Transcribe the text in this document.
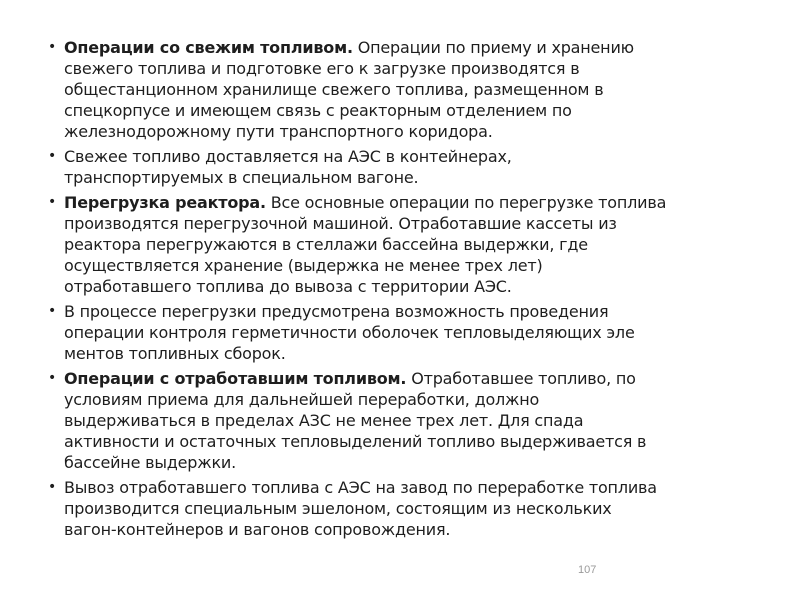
• Операции со свежим топливом. Операции по приему и хранению
свежего топлива и подготовке его к загрузке производятся в
общестанционном хранилище свежего топлива, размещенном в
спецкорпусе и имеющем связь с реакторным отделением по
железнодорожному пути транспортного коридора.
• Свежее топливо доставляется на АЭС в контейнерах,
транспортируемых в специальном вагоне.
• Перегрузка реактора. Все основные операции по перегрузке топлива
производятся перегрузочной машиной. Отработавшие кассеты из
реактора перегружаются в стеллажи бассейна выдержки, где
осуществляется хранение (выдержка не менее трех лет)
отработавшего топлива до вывоза с территории АЭС.
• В процессе перегрузки предусмотрена возможность проведения
операции контроля герметичности оболочек тепловыделяющих эле
ментов топливных сборок.
• Операции с отработавшим топливом. Отработавшее топливо, по
условиям приема для дальнейшей переработки, должно
выдерживаться в пределах АЗС не менее трех лет. Для спада
активности и остаточных тепловыделений топливо выдерживается в
бассейне выдержки.
• Вывоз отработавшего топлива с АЭС на завод по переработке топлива
производится специальным эшелоном, состоящим из нескольких
вагон-контейнеров и вагонов сопровождения.
107
